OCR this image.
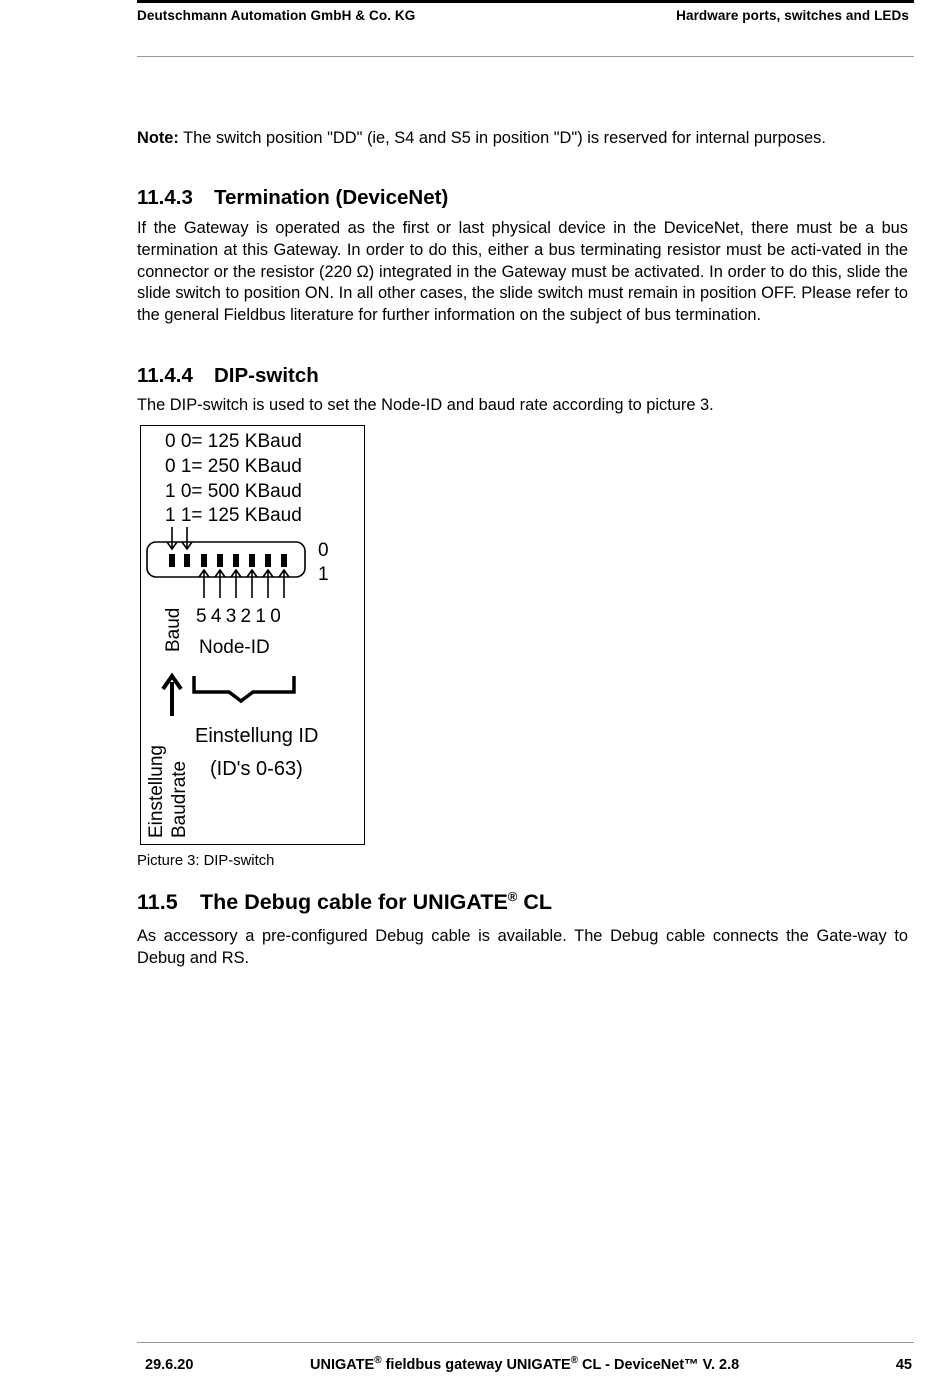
Deutschmann Automation GmbH & Co. KG	Hardware ports, switches and LEDs

Note: The switch position "DD" (ie, S4 and S5 in position "D") is reserved for internal purposes.

11.4.3 Termination (DeviceNet)

If the Gateway is operated as the first or last physical device in the DeviceNet, there must be a bus termination at this Gateway. In order to do this, either a bus terminating resistor must be acti-vated in the connector or the resistor (220 Ω) integrated in the Gateway must be activated. In order to do this, slide the slide switch to position ON. In all other cases, the slide switch must remain in position OFF. Please refer to the general Fieldbus literature for further information on the subject of bus termination.

11.4.4 DIP-switch

The DIP-switch is used to set the Node-ID and baud rate according to picture 3.

0 0= 125 KBaud
0 1= 250 KBaud
1 0= 500 KBaud
1 1= 125 KBaud
0
1
5 4 3 2 1 0
Baud Node-ID
Einstellung Baudrate
Einstellung ID
(ID's 0-63)

Picture 3: DIP-switch

11.5 The Debug cable for UNIGATE® CL

As accessory a pre-configured Debug cable is available. The Debug cable connects the Gate-way to Debug and RS.

29.6.20	UNIGATE® fieldbus gateway UNIGATE® CL - DeviceNet™ V. 2.8	45
